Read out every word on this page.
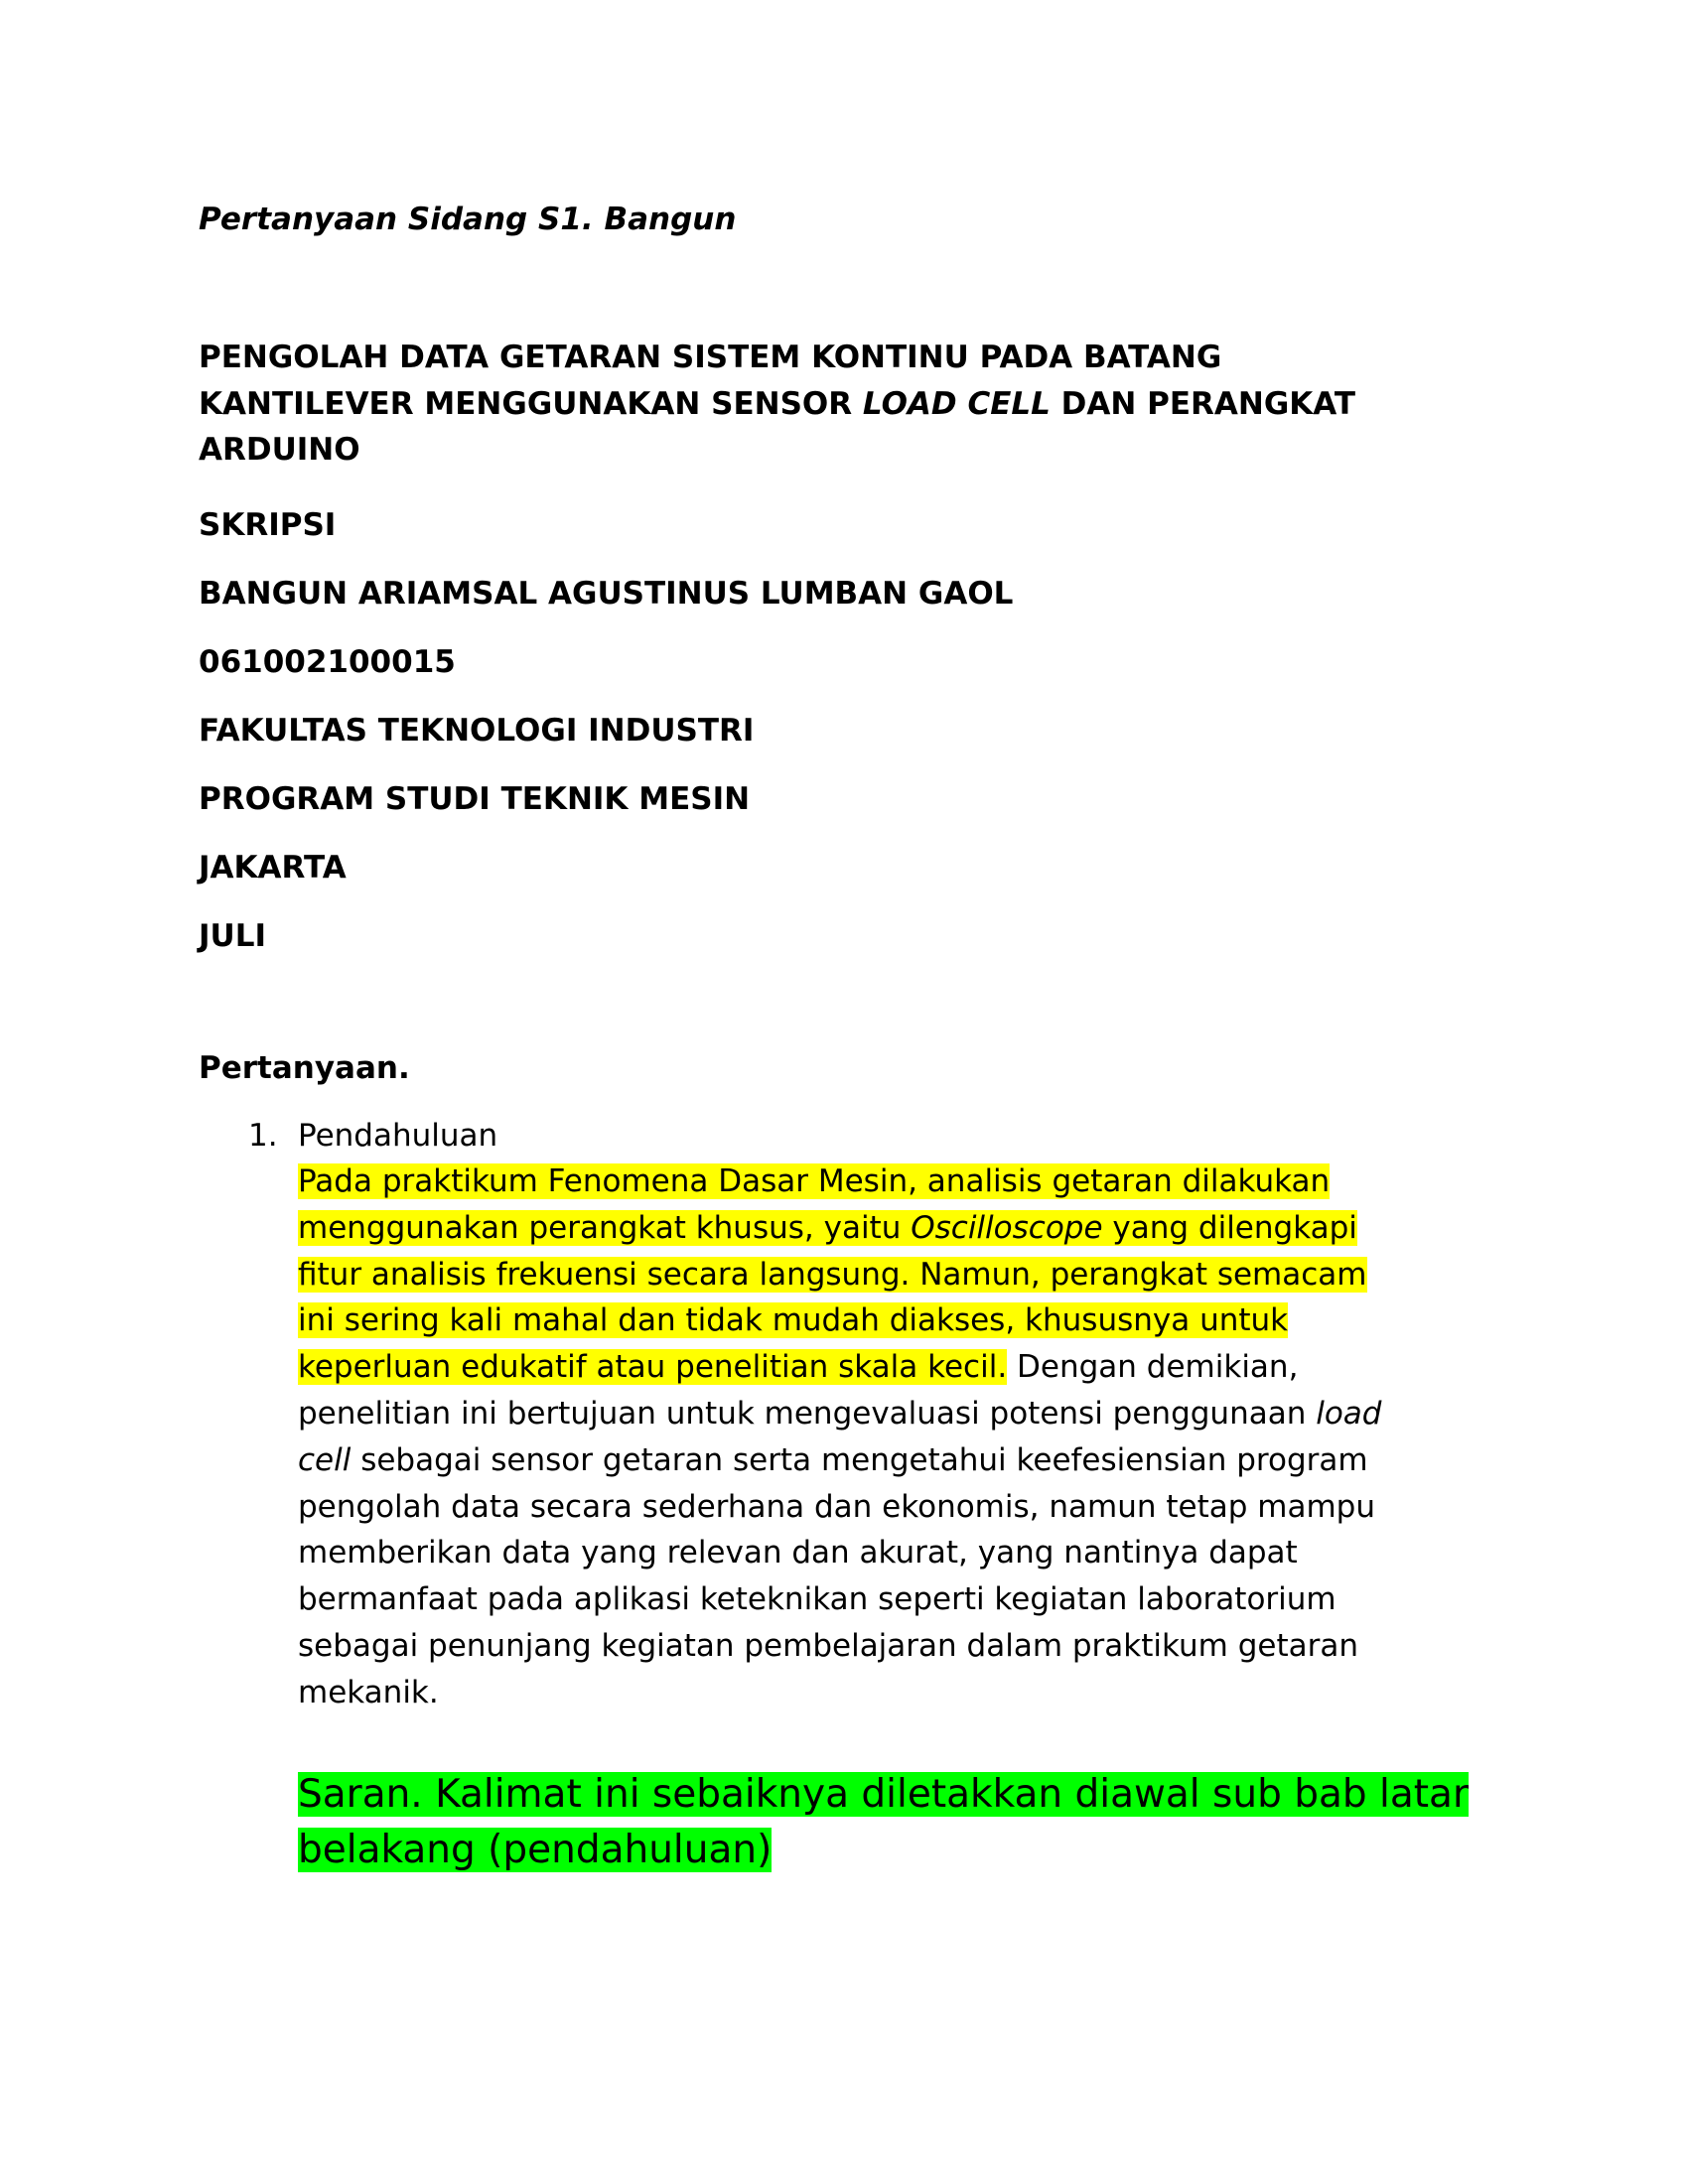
Pertanyaan Sidang S1. Bangun
PENGOLAH DATA GETARAN SISTEM KONTINU PADA BATANG
KANTILEVER MENGGUNAKAN SENSOR LOAD CELL DAN PERANGKAT
ARDUINO
SKRIPSI
BANGUN ARIAMSAL AGUSTINUS LUMBAN GAOL
061002100015
FAKULTAS TEKNOLOGI INDUSTRI
PROGRAM STUDI TEKNIK MESIN
JAKARTA
JULI
Pertanyaan.
1. Pendahuluan
Pada praktikum Fenomena Dasar Mesin, analisis getaran dilakukan
menggunakan perangkat khusus, yaitu Oscilloscope yang dilengkapi
fitur analisis frekuensi secara langsung. Namun, perangkat semacam
ini sering kali mahal dan tidak mudah diakses, khususnya untuk
keperluan edukatif atau penelitian skala kecil. Dengan demikian,
penelitian ini bertujuan untuk mengevaluasi potensi penggunaan load
cell sebagai sensor getaran serta mengetahui keefesiensian program
pengolah data secara sederhana dan ekonomis, namun tetap mampu
memberikan data yang relevan dan akurat, yang nantinya dapat
bermanfaat pada aplikasi keteknikan seperti kegiatan laboratorium
sebagai penunjang kegiatan pembelajaran dalam praktikum getaran
mekanik.
Saran. Kalimat ini sebaiknya diletakkan diawal sub bab latar
belakang (pendahuluan)
